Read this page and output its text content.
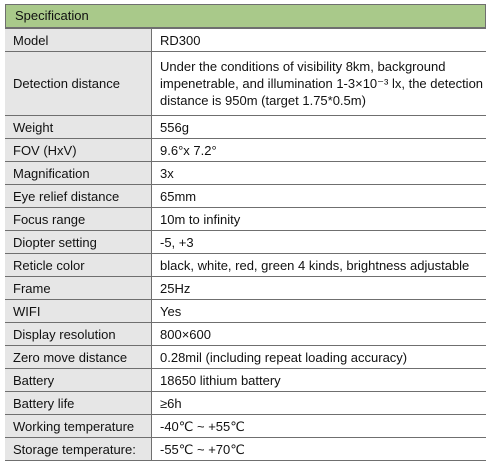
Specification
Model	RD300
Detection distance	Under the conditions of visibility 8km, background impenetrable, and illumination 1-3×10⁻³ lx, the detection distance is 950m (target 1.75*0.5m)
Weight	556g
FOV (HxV)	9.6°x 7.2°
Magnification	3x
Eye relief distance	65mm
Focus range	10m to infinity
Diopter setting	-5, +3
Reticle color	black, white, red, green 4 kinds, brightness adjustable
Frame	25Hz
WIFI	Yes
Display resolution	800×600
Zero move distance	0.28mil (including repeat loading accuracy)
Battery	18650 lithium battery
Battery life	≥6h
Working temperature	-40℃ ~ +55℃
Storage temperature:	-55℃ ~ +70℃
